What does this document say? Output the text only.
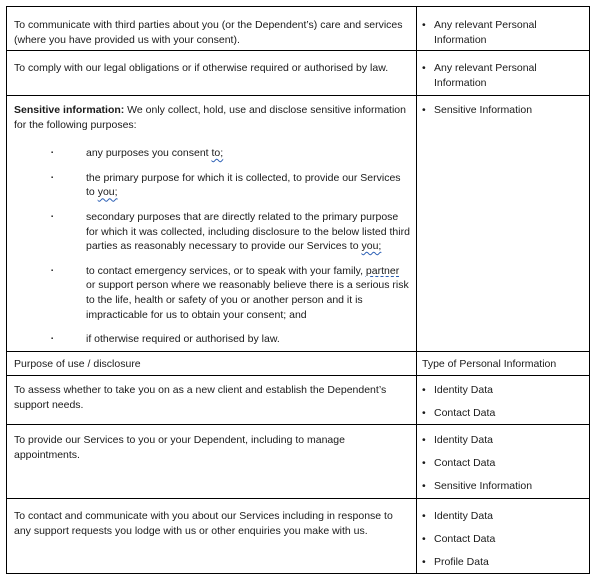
To communicate with third parties about you (or the Dependent’s) care and services (where you have provided us with your consent).
• Any relevant Personal Information
To comply with our legal obligations or if otherwise required or authorised by law.
•	Any relevant Personal Information
Sensitive information: We only collect, hold, use and disclose sensitive information for the following purposes:
▪ any purposes you consent to;
▪ the primary purpose for which it is collected, to provide our Services to you;
▪ secondary purposes that are directly related to the primary purpose for which it was collected, including disclosure to the below listed third parties as reasonably necessary to provide our Services to you;
▪ to contact emergency services, or to speak with your family, partner or support person where we reasonably believe there is a serious risk to the life, health or safety of you or another person and it is impracticable for us to obtain your consent; and
▪ if otherwise required or authorised by law.
• Sensitive Information
Purpose of use / disclosure	Type of Personal Information
To assess whether to take you on as a new client and establish the Dependent’s support needs.
• Identity Data
• Contact Data
To provide our Services to you or your Dependent, including to manage appointments.
• Identity Data
• Contact Data
• Sensitive Information
To contact and communicate with you about our Services including in response to any support requests you lodge with us or other enquiries you make with us.
• Identity Data
• Contact Data
• Profile Data
